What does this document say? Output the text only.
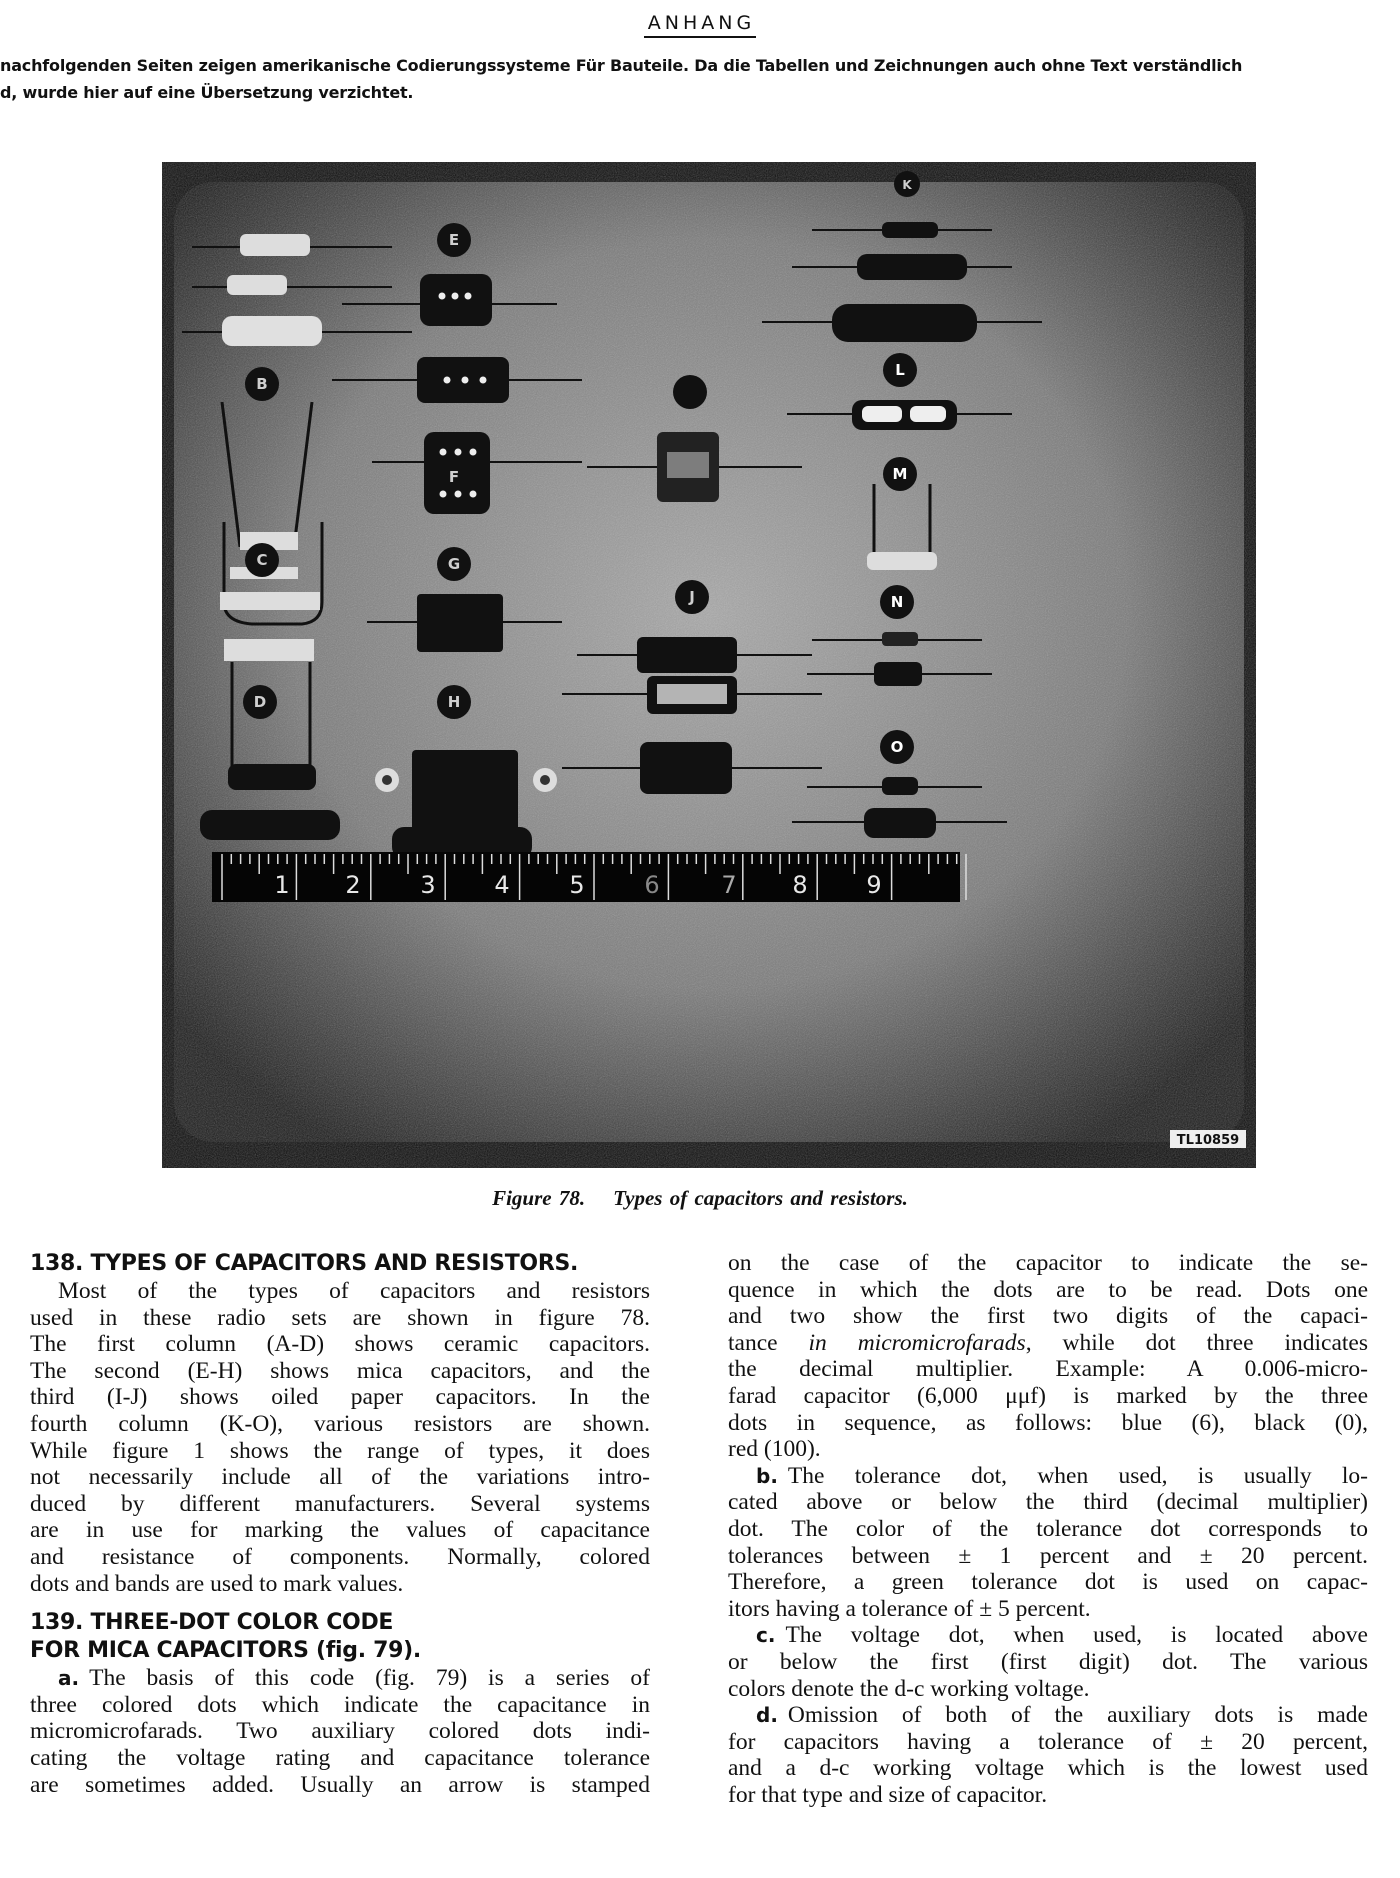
ANHANG
nachfolgenden Seiten zeigen amerikanische Codierungssysteme Für Bauteile. Da die Tabellen und Zeichnungen auch ohne Text verständlich
d, wurde hier auf eine Übersetzung verzichtet.
E
K
B
F
L
M
C	G
J	N
D	H
O
1 2 3 4 5 6	7 8 9
TL10859
Figure 78. Types of capacitors and resistors.
138. TYPES OF CAPACITORS AND RESISTORS.
Most of the types of capacitors and resistors
used in these radio sets are shown in figure 78.
The first column (A-D) shows ceramic capacitors.
The second (E-H) shows mica capacitors, and the
third (I-J) shows oiled paper capacitors. In the
fourth column (K-O), various resistors are shown.
While figure 1 shows the range of types, it does
not necessarily include all of the variations intro-
duced by different manufacturers. Several systems
are in use for marking the values of capacitance
and resistance of components. Normally, colored
dots and bands are used to mark values.
139. THREE-DOT COLOR CODE
FOR MICA CAPACITORS (fig. 79).
a. The basis of this code (fig. 79) is a series of
three colored dots which indicate the capacitance in
micromicrofarads. Two auxiliary colored dots indi-
cating the voltage rating and capacitance tolerance
are sometimes added. Usually an arrow is stamped
on the case of the capacitor to indicate the se-
quence in which the dots are to be read. Dots one
and two show the first two digits of the capaci-
tance in micromicrofarads, while dot three indicates
the decimal multiplier. Example: A 0.006-micro-
farad capacitor (6,000 μμf) is marked by the three
dots in sequence, as follows: blue (6), black (0),
red (100).
b. The tolerance dot, when used, is usually lo-
cated above or below the third (decimal multiplier)
dot. The color of the tolerance dot corresponds to
tolerances between ± 1 percent and ± 20 percent.
Therefore, a green tolerance dot is used on capac-
itors having a tolerance of ± 5 percent.
c. The voltage dot, when used, is located above
or below the first (first digit) dot. The various
colors denote the d-c working voltage.
d. Omission of both of the auxiliary dots is made
for capacitors having a tolerance of ± 20 percent,
and a d-c working voltage which is the lowest used
for that type and size of capacitor.
